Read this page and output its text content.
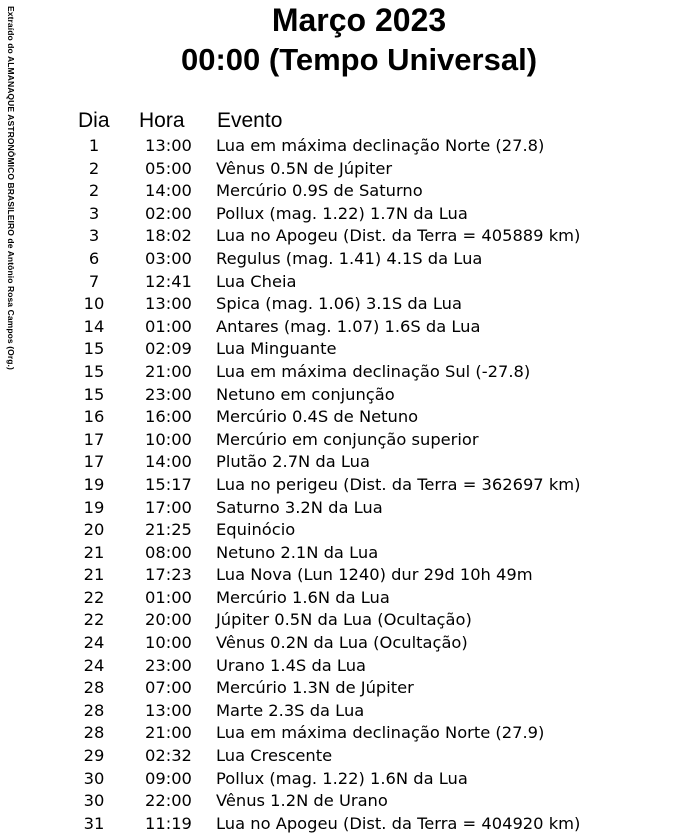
Extraído do ALMANAQUE ASTRONÔMICO BRASILEIRO de Antônio Rosa Campos (Org.)	Março 2023
00:00 (Tempo Universal)
Dia Hora Evento
1	13:00 Lua em máxima declinação Norte (27.8)
2	05:00 Vênus 0.5N de Júpiter
2	14:00 Mercúrio 0.9S de Saturno
3	02:00 Pollux (mag. 1.22) 1.7N da Lua
3	18:02 Lua no Apogeu (Dist. da Terra = 405889 km)
6	03:00 Regulus (mag. 1.41) 4.1S da Lua
7	12:41 Lua Cheia
10	13:00 Spica (mag. 1.06) 3.1S da Lua
14	01:00 Antares (mag. 1.07) 1.6S da Lua
15	02:09 Lua Minguante
15	21:00 Lua em máxima declinação Sul (-27.8)
15	23:00 Netuno em conjunção
16	16:00 Mercúrio 0.4S de Netuno
17	10:00 Mercúrio em conjunção superior
17	14:00 Plutão 2.7N da Lua
19	15:17 Lua no perigeu (Dist. da Terra = 362697 km)
19	17:00 Saturno 3.2N da Lua
20	21:25 Equinócio
21	08:00 Netuno 2.1N da Lua
21	17:23 Lua Nova (Lun 1240) dur 29d 10h 49m
22	01:00 Mercúrio 1.6N da Lua
22	20:00 Júpiter 0.5N da Lua (Ocultação)
24	10:00 Vênus 0.2N da Lua (Ocultação)
24	23:00 Urano 1.4S da Lua
28	07:00 Mercúrio 1.3N de Júpiter
28	13:00 Marte 2.3S da Lua
28	21:00 Lua em máxima declinação Norte (27.9)
29	02:32 Lua Crescente
30	09:00 Pollux (mag. 1.22) 1.6N da Lua
30	22:00 Vênus 1.2N de Urano
31	11:19 Lua no Apogeu (Dist. da Terra = 404920 km)
